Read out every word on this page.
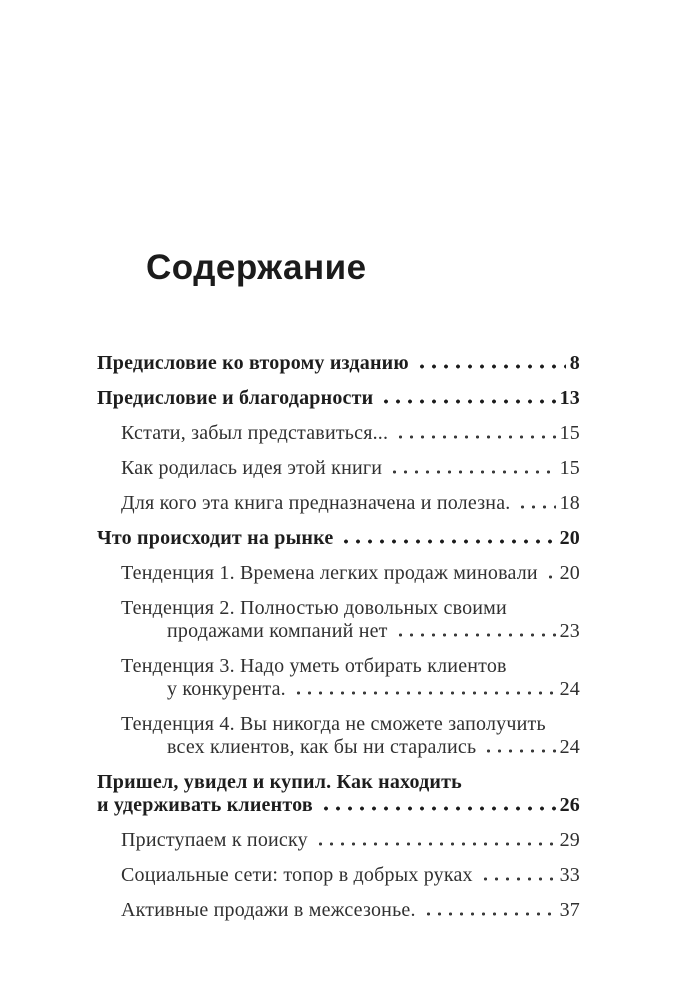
Содержание
Предисловие ко второму изданию	8
Предисловие и благодарности	13
Кстати, забыл представиться...	15
Как родилась идея этой книги	15
Для кого эта книга предназначена и полезна. 18
Что происходит на рынке	20
Тенденция 1. Времена легких продаж миновали 20
Тенденция 2. Полностью довольных своими
продажами компаний нет	23
Тенденция 3. Надо уметь отбирать клиентов
у конкурента.	24
Тенденция 4. Вы никогда не сможете заполучить
всех клиентов, как бы ни старались	24
Пришел, увидел и купил. Как находить
и удерживать клиентов	26
Приступаем к поиску	29
Социальные сети: топор в добрых руках	33
Активные продажи в межсезонье.	37
